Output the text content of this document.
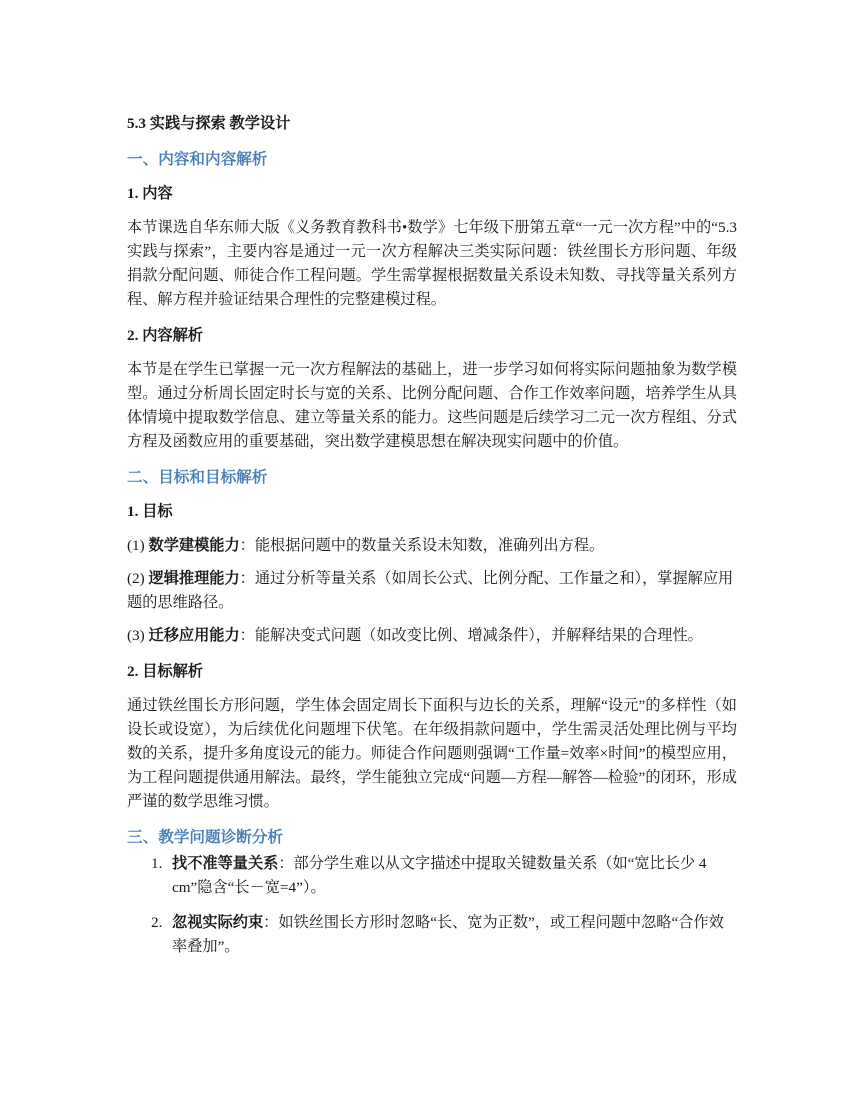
5.3 实践与探索 教学设计
一、内容和内容解析
1. 内容

本节课选自华东师大版《义务教育教科书•数学》七年级下册第五章“一元一次方程”中的“5.3 实践与探索”，主要内容是通过一元一次方程解决三类实际问题：铁丝围长方形问题、年级捐款分配问题、师徒合作工程问题。学生需掌握根据数量关系设未知数、寻找等量关系列方程、解方程并验证结果合理性的完整建模过程。

2. 内容解析

本节是在学生已掌握一元一次方程解法的基础上，进一步学习如何将实际问题抽象为数学模型。通过分析周长固定时长与宽的关系、比例分配问题、合作工作效率问题，培养学生从具体情境中提取数学信息、建立等量关系的能力。这些问题是后续学习二元一次方程组、分式方程及函数应用的重要基础，突出数学建模思想在解决现实问题中的价值。

二、目标和目标解析
1. 目标

(1) 数学建模能力：能根据问题中的数量关系设未知数，准确列出方程。

(2) 逻辑推理能力：通过分析等量关系（如周长公式、比例分配、工作量之和），掌握解应用题的思维路径。

(3) 迁移应用能力：能解决变式问题（如改变比例、增减条件），并解释结果的合理性。

2. 目标解析

通过铁丝围长方形问题，学生体会固定周长下面积与边长的关系，理解“设元”的多样性（如设长或设宽），为后续优化问题埋下伏笔。在年级捐款问题中，学生需灵活处理比例与平均数的关系，提升多角度设元的能力。师徒合作问题则强调“工作量=效率×时间”的模型应用，为工程问题提供通用解法。最终，学生能独立完成“问题—方程—解答—检验”的闭环，形成严谨的数学思维习惯。

三、教学问题诊断分析
1. 找不准等量关系：部分学生难以从文字描述中提取关键数量关系（如“宽比长少 4 cm”隐含“长－宽=4”）。
2. 忽视实际约束：如铁丝围长方形时忽略“长、宽为正数”，或工程问题中忽略“合作效率叠加”。
